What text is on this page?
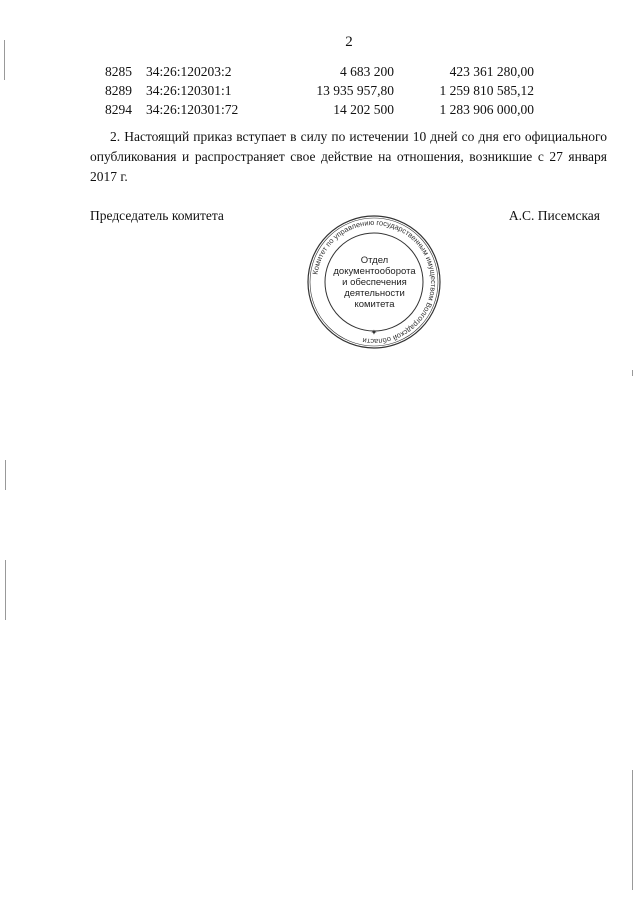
2
8285	34:26:120203:2	4 683 200	423 361 280,00
8289	34:26:120301:1	13 935 957,80	1 259 810 585,12
8294	34:26:120301:72	14 202 500	1 283 906 000,00
2. Настоящий приказ вступает в силу по истечении 10 дней со дня его официального опубликования и распространяет свое действие на отношения, возникшие с 27 января 2017 г.
Председатель комитета	А.С. Писемская
Комитет по управлению государственным имуществом Волгоградской области
✦
Отдел
документооборота
и обеспечения
деятельности
комитета
